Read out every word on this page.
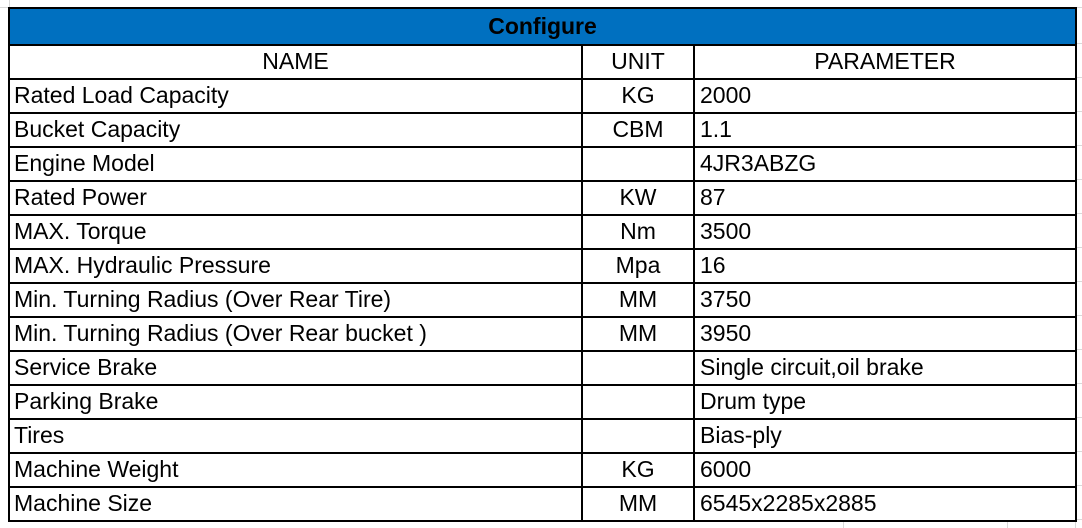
Configure		
NAME	UNIT	PARAMETER
Rated Load Capacity	KG	2000
Bucket Capacity	CBM	1.1
Engine Model		4JR3ABZG
Rated Power	KW	87
MAX. Torque	Nm	3500
MAX. Hydraulic Pressure	Mpa	16
Min. Turning Radius (Over Rear Tire)	MM	3750
Min. Turning Radius (Over Rear bucket )	MM	3950
Service Brake		Single circuit,oil brake
Parking Brake		Drum type
Tires		Bias-ply
Machine Weight	KG	6000
Machine Size	MM	6545x2285x2885
